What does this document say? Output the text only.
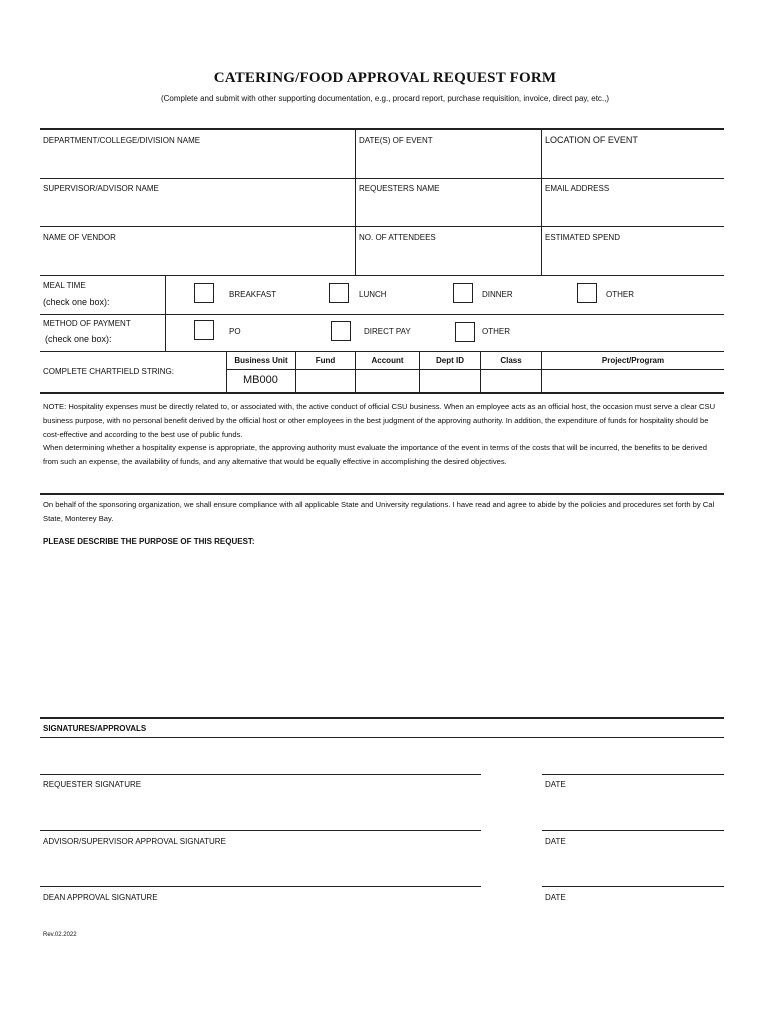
CATERING/FOOD APPROVAL REQUEST FORM
(Complete and submit with other supporting documentation, e.g., procard report, purchase requisition, invoice, direct pay, etc.,)
DEPARTMENT/COLLEGE/DIVISION NAME	DATE(S) OF EVENT	LOCATION OF EVENT
SUPERVISOR/ADVISOR NAME	REQUESTERS NAME	EMAIL ADDRESS
NAME OF VENDOR	NO. OF ATTENDEES	ESTIMATED SPEND
MEAL TIME
(check one box):
BREAKFAST	LUNCH	DINNER	OTHER
METHOD OF PAYMENT
(check one box):
PO	DIRECT PAY	OTHER
COMPLETE CHARTFIELD STRING:
Business Unit	Fund	Account	Dept ID	Class	Project/Program
MB000
NOTE: Hospitality expenses must be directly related to, or associated with, the active conduct of official CSU business. When an employee acts as an official host, the occasion must serve a clear CSU business purpose, with no personal benefit derived by the official host or other employees in the best judgment of the approving authority. In addition, the expenditure of funds for hospitality should be cost-effective and according to the best use of public funds.
When determining whether a hospitality expense is appropriate, the approving authority must evaluate the importance of the event in terms of the costs that will be incurred, the benefits to be derived from such an expense, the availability of funds, and any alternative that would be equally effective in accomplishing the desired objectives.
On behalf of the sponsoring organization, we shall ensure compliance with all applicable State and University regulations. I have read and agree to abide by the policies and procedures set forth by Cal State, Monterey Bay.
PLEASE DESCRIBE THE PURPOSE OF THIS REQUEST:
SIGNATURES/APPROVALS
REQUESTER SIGNATURE	DATE
ADVISOR/SUPERVISOR APPROVAL SIGNATURE	DATE
DEAN APPROVAL SIGNATURE	DATE
Rev.02.2022
